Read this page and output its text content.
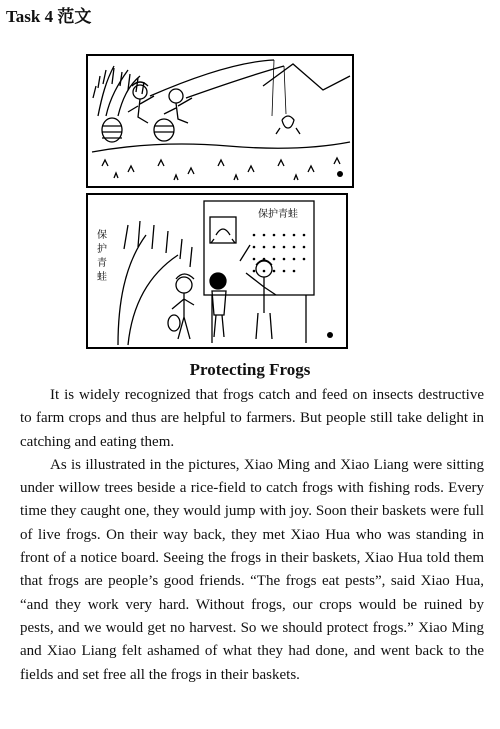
Task 4 范文
保护青蛙
保护青蛙
Protecting Frogs

It is widely recognized that frogs catch and feed on insects destructive to farm crops and thus are helpful to farmers. But people still take delight in catching and eating them.

As is illustrated in the pictures, Xiao Ming and Xiao Liang were sitting under willow trees beside a rice-field to catch frogs with fishing rods. Every time they caught one, they would jump with joy. Soon their baskets were full of live frogs. On their way back, they met Xiao Hua who was standing in front of a notice board. Seeing the frogs in their baskets, Xiao Hua told them that frogs are people’s good friends. “The frogs eat pests”, said Xiao Hua, “and they work very hard. Without frogs, our crops would be ruined by pests, and we would get no harvest. So we should protect frogs.” Xiao Ming and Xiao Liang felt ashamed of what they had done, and went back to the fields and set free all the frogs in their baskets.
